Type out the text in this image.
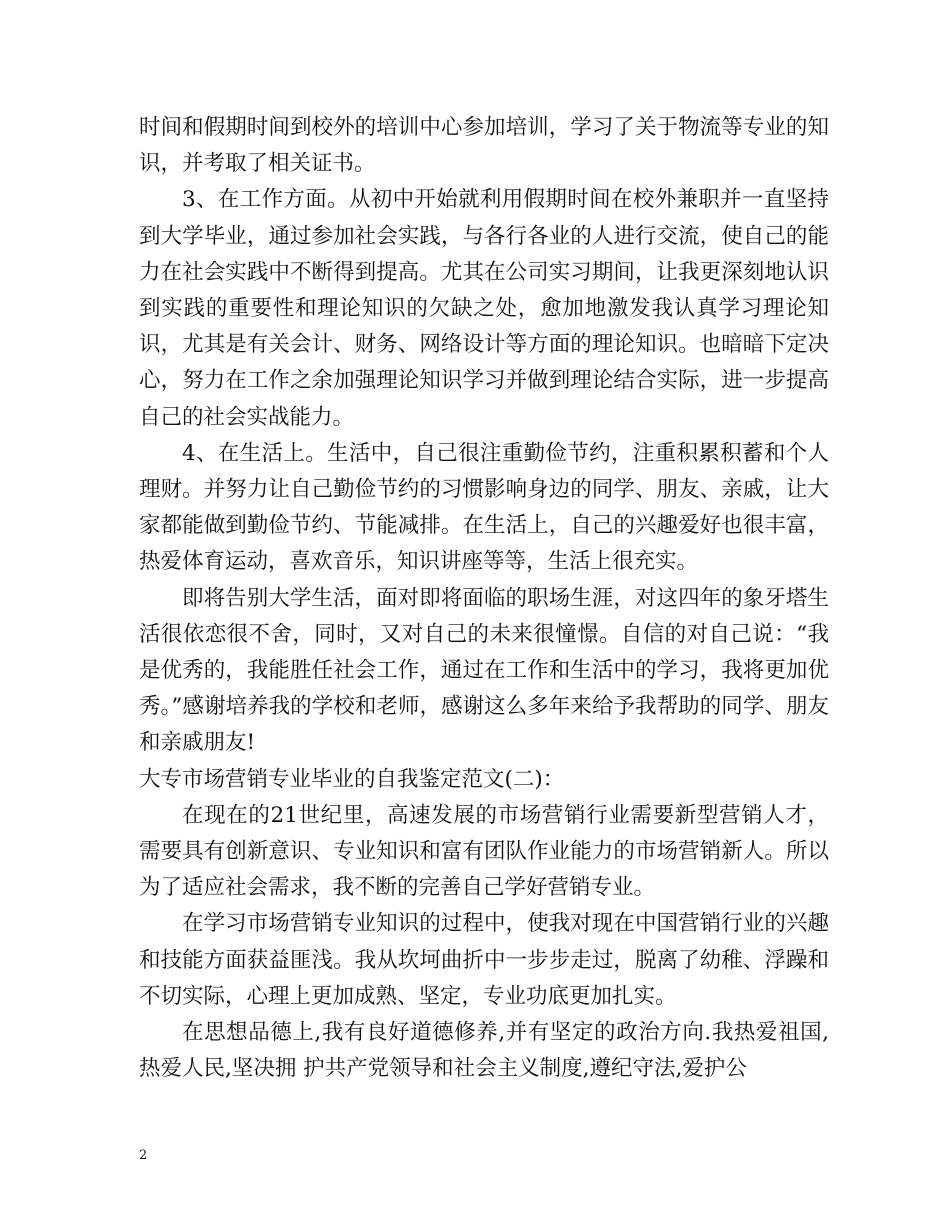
时间和假期时间到校外的培训中心参加培训，学习了关于物流等专业的知识，并考取了相关证书。

3、在工作方面。从初中开始就利用假期时间在校外兼职并一直坚持到大学毕业，通过参加社会实践，与各行各业的人进行交流，使自己的能力在社会实践中不断得到提高。尤其在公司实习期间，让我更深刻地认识到实践的重要性和理论知识的欠缺之处，愈加地激发我认真学习理论知识，尤其是有关会计、财务、网络设计等方面的理论知识。也暗暗下定决心，努力在工作之余加强理论知识学习并做到理论结合实际，进一步提高自己的社会实战能力。

4、在生活上。生活中，自己很注重勤俭节约，注重积累积蓄和个人理财。并努力让自己勤俭节约的习惯影响身边的同学、朋友、亲戚，让大家都能做到勤俭节约、节能减排。在生活上，自己的兴趣爱好也很丰富，热爱体育运动，喜欢音乐，知识讲座等等，生活上很充实。

即将告别大学生活，面对即将面临的职场生涯，对这四年的象牙塔生活很依恋很不舍，同时，又对自己的未来很憧憬。自信的对自己说：“我是优秀的，我能胜任社会工作，通过在工作和生活中的学习，我将更加优秀。”感谢培养我的学校和老师，感谢这么多年来给予我帮助的同学、朋友和亲戚朋友!

大专市场营销专业毕业的自我鉴定范文(二)：

在现在的21世纪里，高速发展的市场营销行业需要新型营销人才，需要具有创新意识、专业知识和富有团队作业能力的市场营销新人。所以为了适应社会需求，我不断的完善自己学好营销专业。

在学习市场营销专业知识的过程中，使我对现在中国营销行业的兴趣和技能方面获益匪浅。我从坎坷曲折中一步步走过，脱离了幼稚、浮躁和不切实际，心理上更加成熟、坚定，专业功底更加扎实。

在思想品德上,我有良好道德修养,并有坚定的政治方向.我热爱祖国,热爱人民,坚决拥 护共产党领导和社会主义制度,遵纪守法,爱护公

2
